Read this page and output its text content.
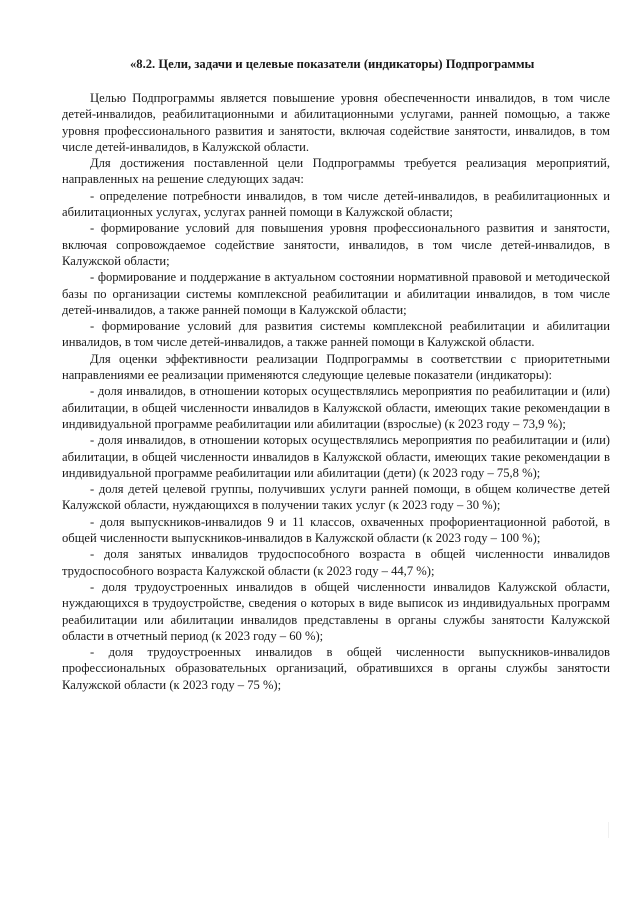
«8.2. Цели, задачи и целевые показатели (индикаторы) Подпрограммы

Целью Подпрограммы является повышение уровня обеспеченности инвалидов, в том числе детей-инвалидов, реабилитационными и абилитационными услугами, ранней помощью, а также уровня профессионального развития и занятости, включая содействие занятости, инвалидов, в том числе детей-инвалидов, в Калужской области.

Для достижения поставленной цели Подпрограммы требуется реализация мероприятий, направленных на решение следующих задач:

- определение потребности инвалидов, в том числе детей-инвалидов, в реабилитационных и абилитационных услугах, услугах ранней помощи в Калужской области;

- формирование условий для повышения уровня профессионального развития и занятости, включая сопровождаемое содействие занятости, инвалидов, в том числе детей-инвалидов, в Калужской области;

- формирование и поддержание в актуальном состоянии нормативной правовой и методической базы по организации системы комплексной реабилитации и абилитации инвалидов, в том числе детей-инвалидов, а также ранней помощи в Калужской области;

- формирование условий для развития системы комплексной реабилитации и абилитации инвалидов, в том числе детей-инвалидов, а также ранней помощи в Калужской области.

Для оценки эффективности реализации Подпрограммы в соответствии с приоритетными направлениями ее реализации применяются следующие целевые показатели (индикаторы):

- доля инвалидов, в отношении которых осуществлялись мероприятия по реабилитации и (или) абилитации, в общей численности инвалидов в Калужской области, имеющих такие рекомендации в индивидуальной программе реабилитации или абилитации (взрослые) (к 2023 году – 73,9 %);

- доля инвалидов, в отношении которых осуществлялись мероприятия по реабилитации и (или) абилитации, в общей численности инвалидов в Калужской области, имеющих такие рекомендации в индивидуальной программе реабилитации или абилитации (дети) (к 2023 году – 75,8 %);

- доля детей целевой группы, получивших услуги ранней помощи, в общем количестве детей Калужской области, нуждающихся в получении таких услуг (к 2023 году – 30 %);

- доля выпускников-инвалидов 9 и 11 классов, охваченных профориентационной работой, в общей численности выпускников-инвалидов в Калужской области (к 2023 году – 100 %);

- доля занятых инвалидов трудоспособного возраста в общей численности инвалидов трудоспособного возраста Калужской области (к 2023 году – 44,7 %);

- доля трудоустроенных инвалидов в общей численности инвалидов Калужской области, нуждающихся в трудоустройстве, сведения о которых в виде выписок из индивидуальных программ реабилитации или абилитации инвалидов представлены в органы службы занятости Калужской области в отчетный период (к 2023 году – 60 %);

- доля трудоустроенных инвалидов в общей численности выпускников-инвалидов профессиональных образовательных организаций, обратившихся в органы службы занятости Калужской области (к 2023 году – 75 %);
